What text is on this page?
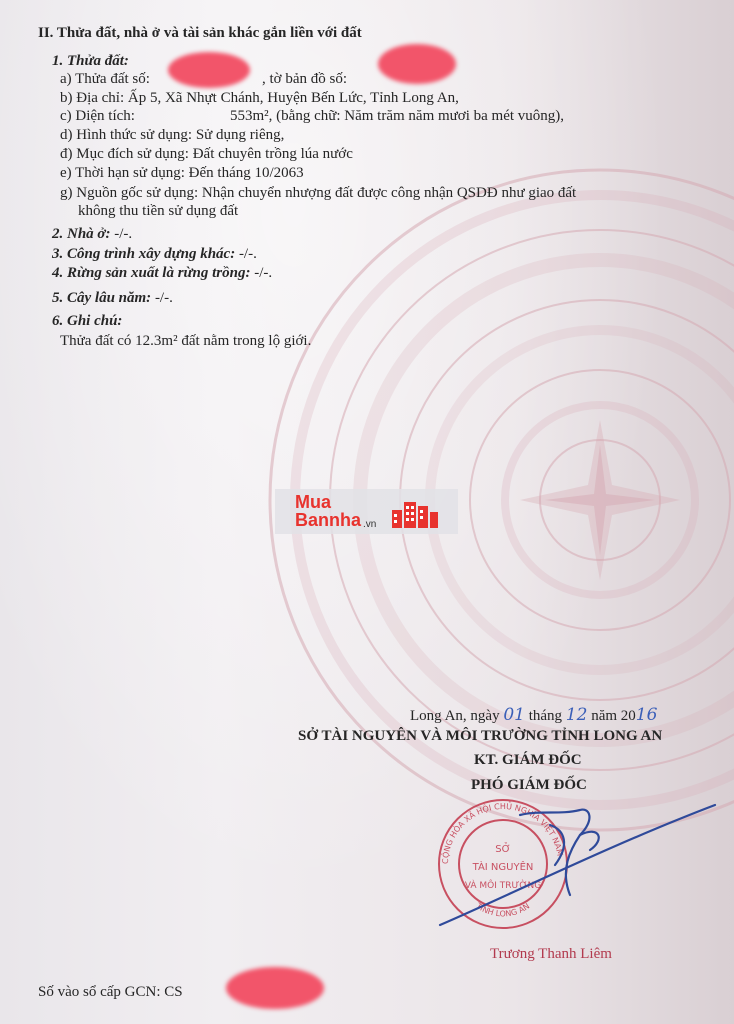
II. Thửa đất, nhà ở và tài sản khác gắn liền với đất
1. Thửa đất:
a) Thửa đất số:	, tờ bản đồ số:
b) Địa chỉ: Ấp 5, Xã Nhựt Chánh, Huyện Bến Lức, Tỉnh Long An,
c) Diện tích:	553m², (bằng chữ: Năm trăm năm mươi ba mét vuông),
d) Hình thức sử dụng: Sử dụng riêng,
đ) Mục đích sử dụng: Đất chuyên trồng lúa nước
e) Thời hạn sử dụng: Đến tháng 10/2063
g) Nguồn gốc sử dụng: Nhận chuyển nhượng đất được công nhận QSDĐ như giao đất
không thu tiền sử dụng đất
2. Nhà ở: -/-.
3. Công trình xây dựng khác: -/-.
4. Rừng sản xuất là rừng trồng: -/-.
5. Cây lâu năm: -/-.
6. Ghi chú:
Thửa đất có 12.3m² đất nằm trong lộ giới.
Mua
Bannha .vn
Long An, ngày 01 tháng 12 năm 2016
SỞ TÀI NGUYÊN VÀ MÔI TRƯỜNG TỈNH LONG AN
KT. GIÁM ĐỐC
PHÓ GIÁM ĐỐC
CỘNG HÒA XÃ HỘI CHỦ NGHĨA VIỆT NAM
TỈNH LONG AN
SỞ
TÀI NGUYÊN
VÀ MÔI TRƯỜNG
Trương Thanh Liêm
Số vào sổ cấp GCN: CS
